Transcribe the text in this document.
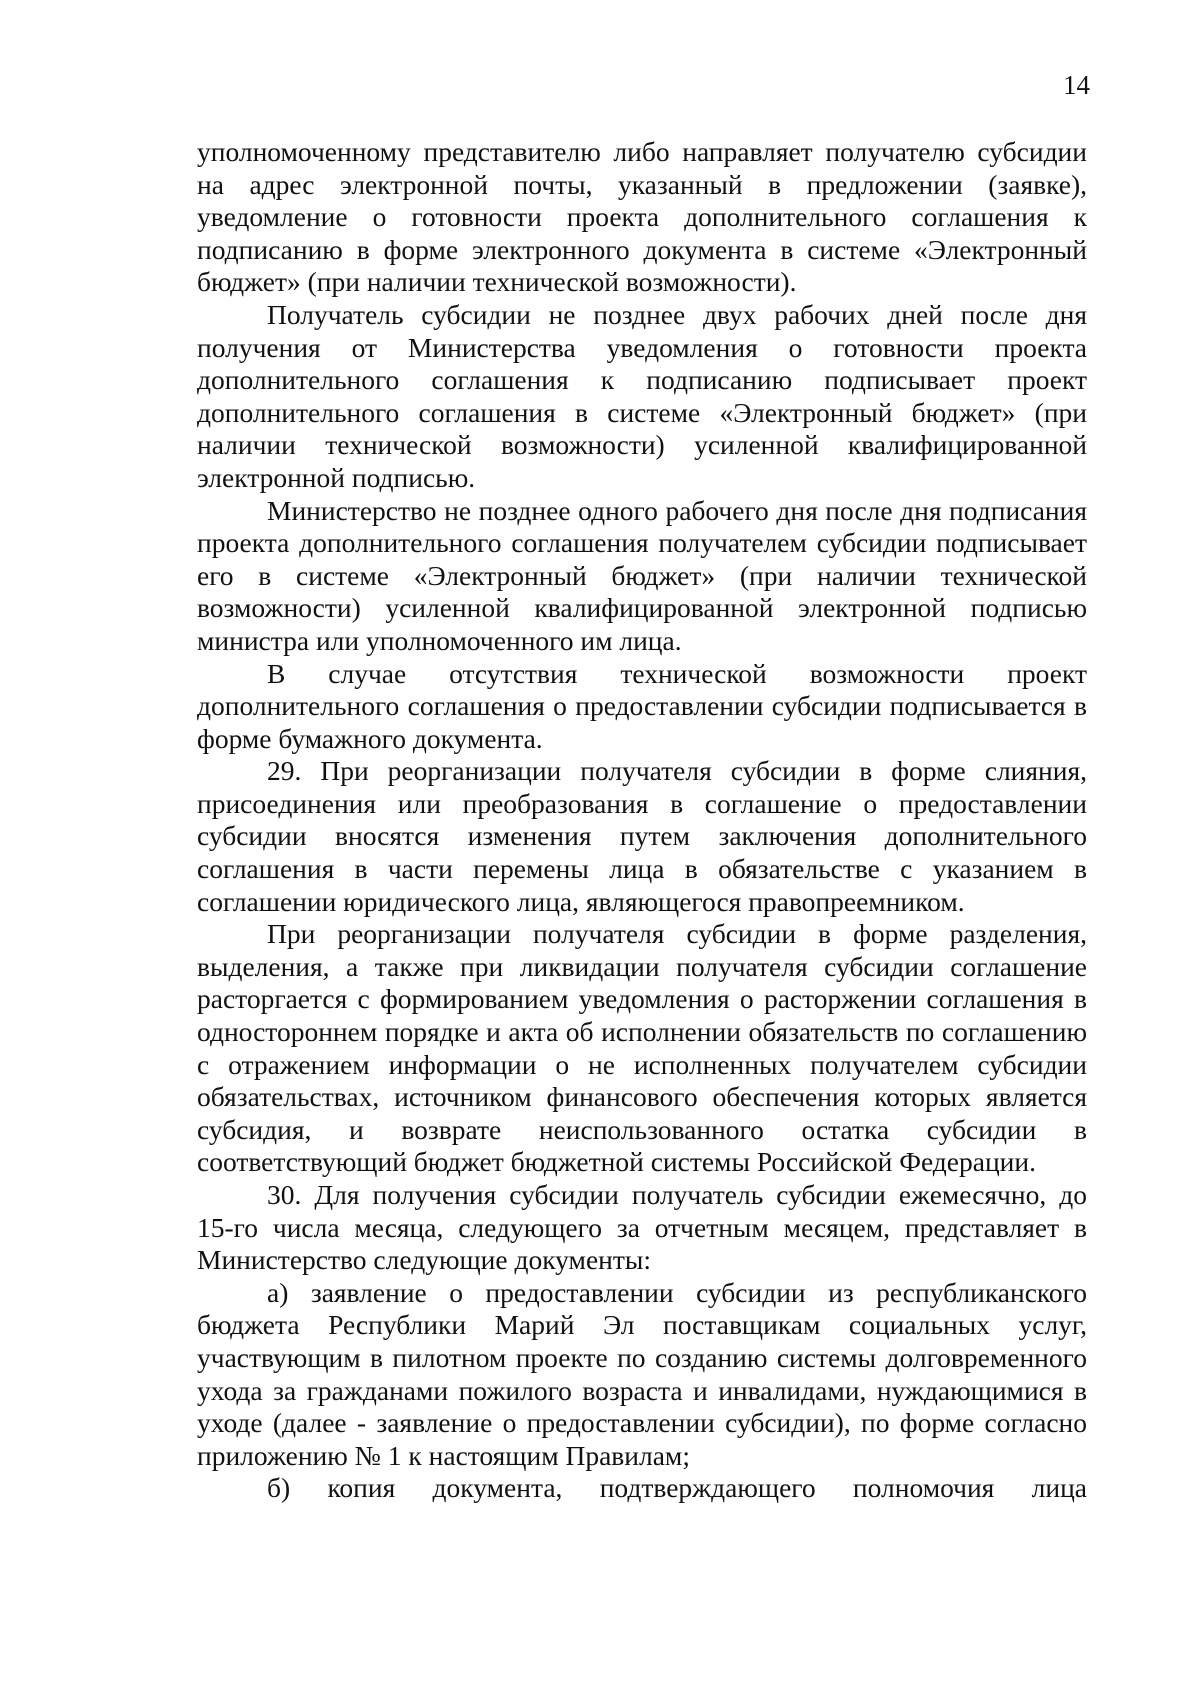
14

уполномоченному представителю либо направляет получателю субсидии на адрес электронной почты, указанный в предложении (заявке), уведомление о готовности проекта дополнительного соглашения к подписанию в форме электронного документа в системе «Электронный бюджет» (при наличии технической возможности).

Получатель субсидии не позднее двух рабочих дней после дня получения от Министерства уведомления о готовности проекта дополнительного соглашения к подписанию подписывает проект дополнительного соглашения в системе «Электронный бюджет» (при наличии технической возможности) усиленной квалифицированной электронной подписью.

Министерство не позднее одного рабочего дня после дня подписания проекта дополнительного соглашения получателем субсидии подписывает его в системе «Электронный бюджет» (при наличии технической возможности) усиленной квалифицированной электронной подписью министра или уполномоченного им лица.

В случае отсутствия технической возможности проект дополнительного соглашения о предоставлении субсидии подписывается в форме бумажного документа.

29. При реорганизации получателя субсидии в форме слияния, присоединения или преобразования в соглашение о предоставлении субсидии вносятся изменения путем заключения дополнительного соглашения в части перемены лица в обязательстве с указанием в соглашении юридического лица, являющегося правопреемником.

При реорганизации получателя субсидии в форме разделения, выделения, а также при ликвидации получателя субсидии соглашение расторгается с формированием уведомления о расторжении соглашения в одностороннем порядке и акта об исполнении обязательств по соглашению с отражением информации о не исполненных получателем субсидии обязательствах, источником финансового обеспечения которых является субсидия, и возврате неиспользованного остатка субсидии в соответствующий бюджет бюджетной системы Российской Федерации.

30. Для получения субсидии получатель субсидии ежемесячно, до 15-го числа месяца, следующего за отчетным месяцем, представляет в Министерство следующие документы:

а) заявление о предоставлении субсидии из республиканского бюджета Республики Марий Эл поставщикам социальных услуг, участвующим в пилотном проекте по созданию системы долговременного ухода за гражданами пожилого возраста и инвалидами, нуждающимися в уходе (далее - заявление о предоставлении субсидии), по форме согласно приложению № 1 к настоящим Правилам;

б) копия документа, подтверждающего полномочия лица
